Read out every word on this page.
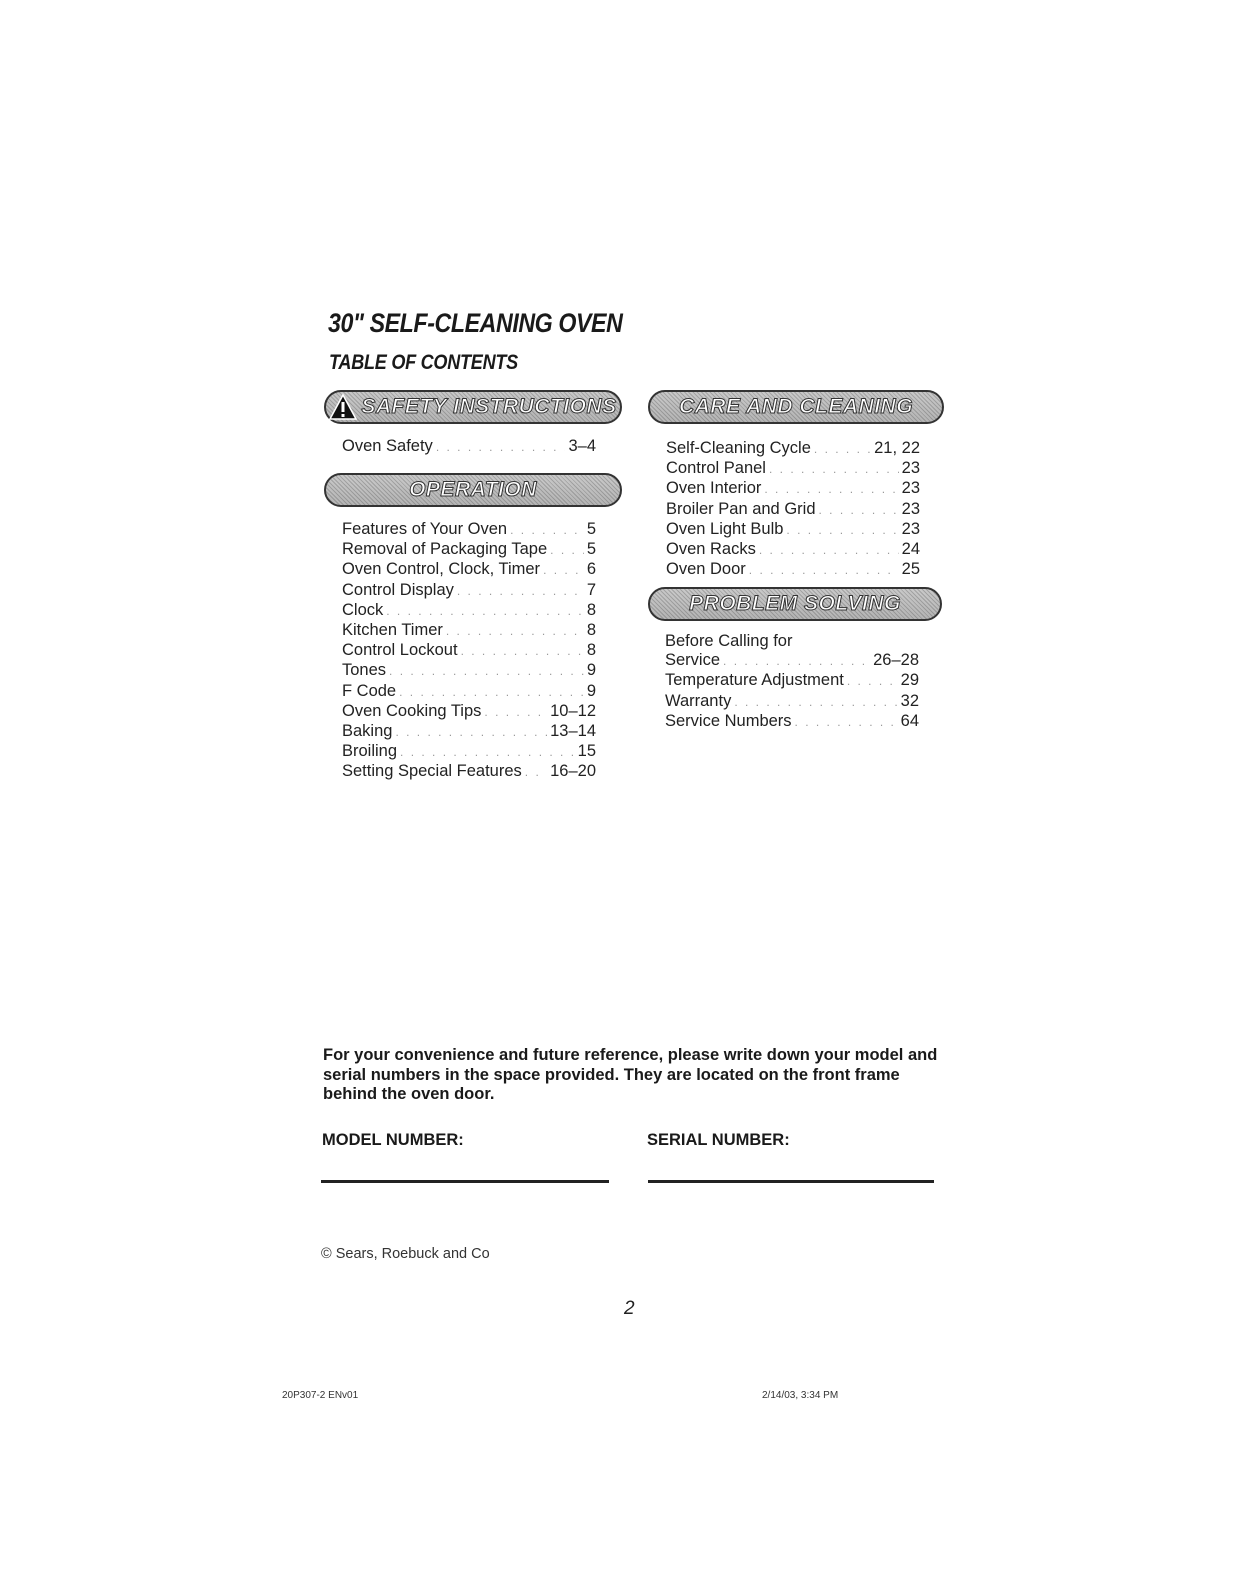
30" SELF-CLEANING OVEN
TABLE OF CONTENTS
SAFETY INSTRUCTIONS
Oven Safety . . .	3–4
OPERATION
Features of Your Oven . . .	5
Removal of Packaging Tape . . . 5
Oven Control, Clock, Timer . . .	6
Control Display . . .	7
Clock . . .	8
Kitchen Timer . . .	8
Control Lockout . . .	8
Tones . . .	9
F Code . . .	9
Oven Cooking Tips . . .	10–12
Baking . . .	13–14
Broiling . . .	15
Setting Special Features . . . 16–20
CARE AND CLEANING
Self-Cleaning Cycle . . .	21, 22
Control Panel . . .	23
Oven Interior . . .	23
Broiler Pan and Grid . . .	23
Oven Light Bulb . . .	23
Oven Racks . . .	24
Oven Door . . .	25
PROBLEM SOLVING
Before Calling for
Service . . .	26–28
Temperature Adjustment . . .	29
Warranty . . .	32
Service Numbers . . .	64
For your convenience and future reference, please write down your model and serial numbers in the space provided. They are located on the front frame behind the oven door.
MODEL NUMBER:	SERIAL NUMBER:
© Sears, Roebuck and Co
2
20P307-2 ENv01	2/14/03, 3:34 PM
